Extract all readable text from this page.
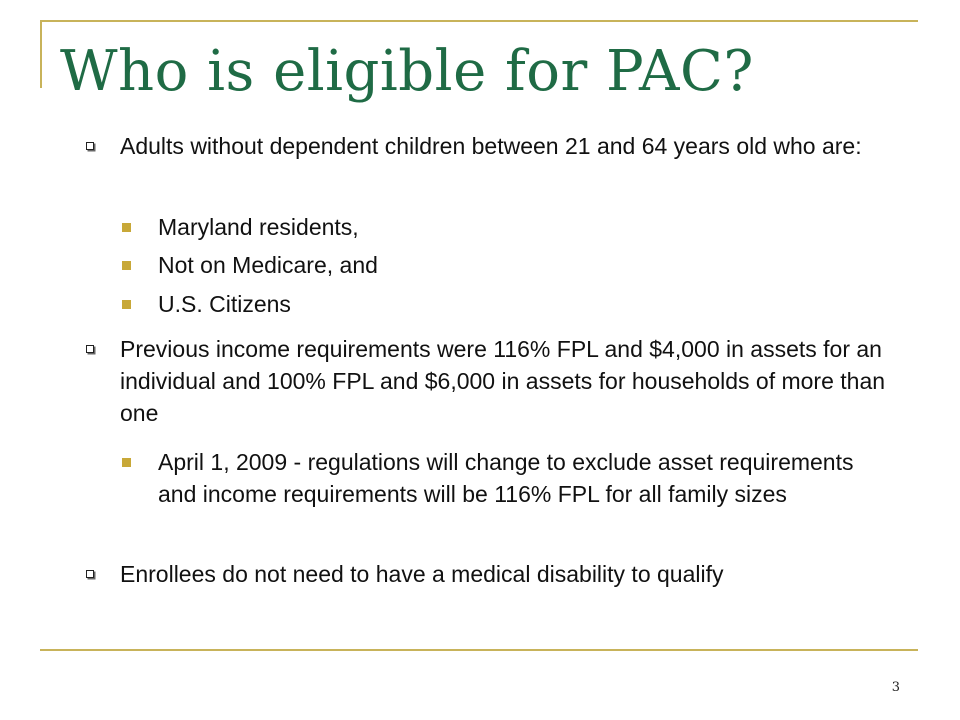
Who is eligible for PAC?
Adults without dependent children between 21 and 64 years old who are:
Maryland residents,
Not on Medicare, and
U.S. Citizens
Previous income requirements were 116% FPL and $4,000 in assets for an individual and 100% FPL and $6,000 in assets for households of more than one
April 1, 2009 - regulations will change to exclude asset requirements and income requirements will be 116% FPL for all family sizes
Enrollees do not need to have a medical disability to qualify
3
